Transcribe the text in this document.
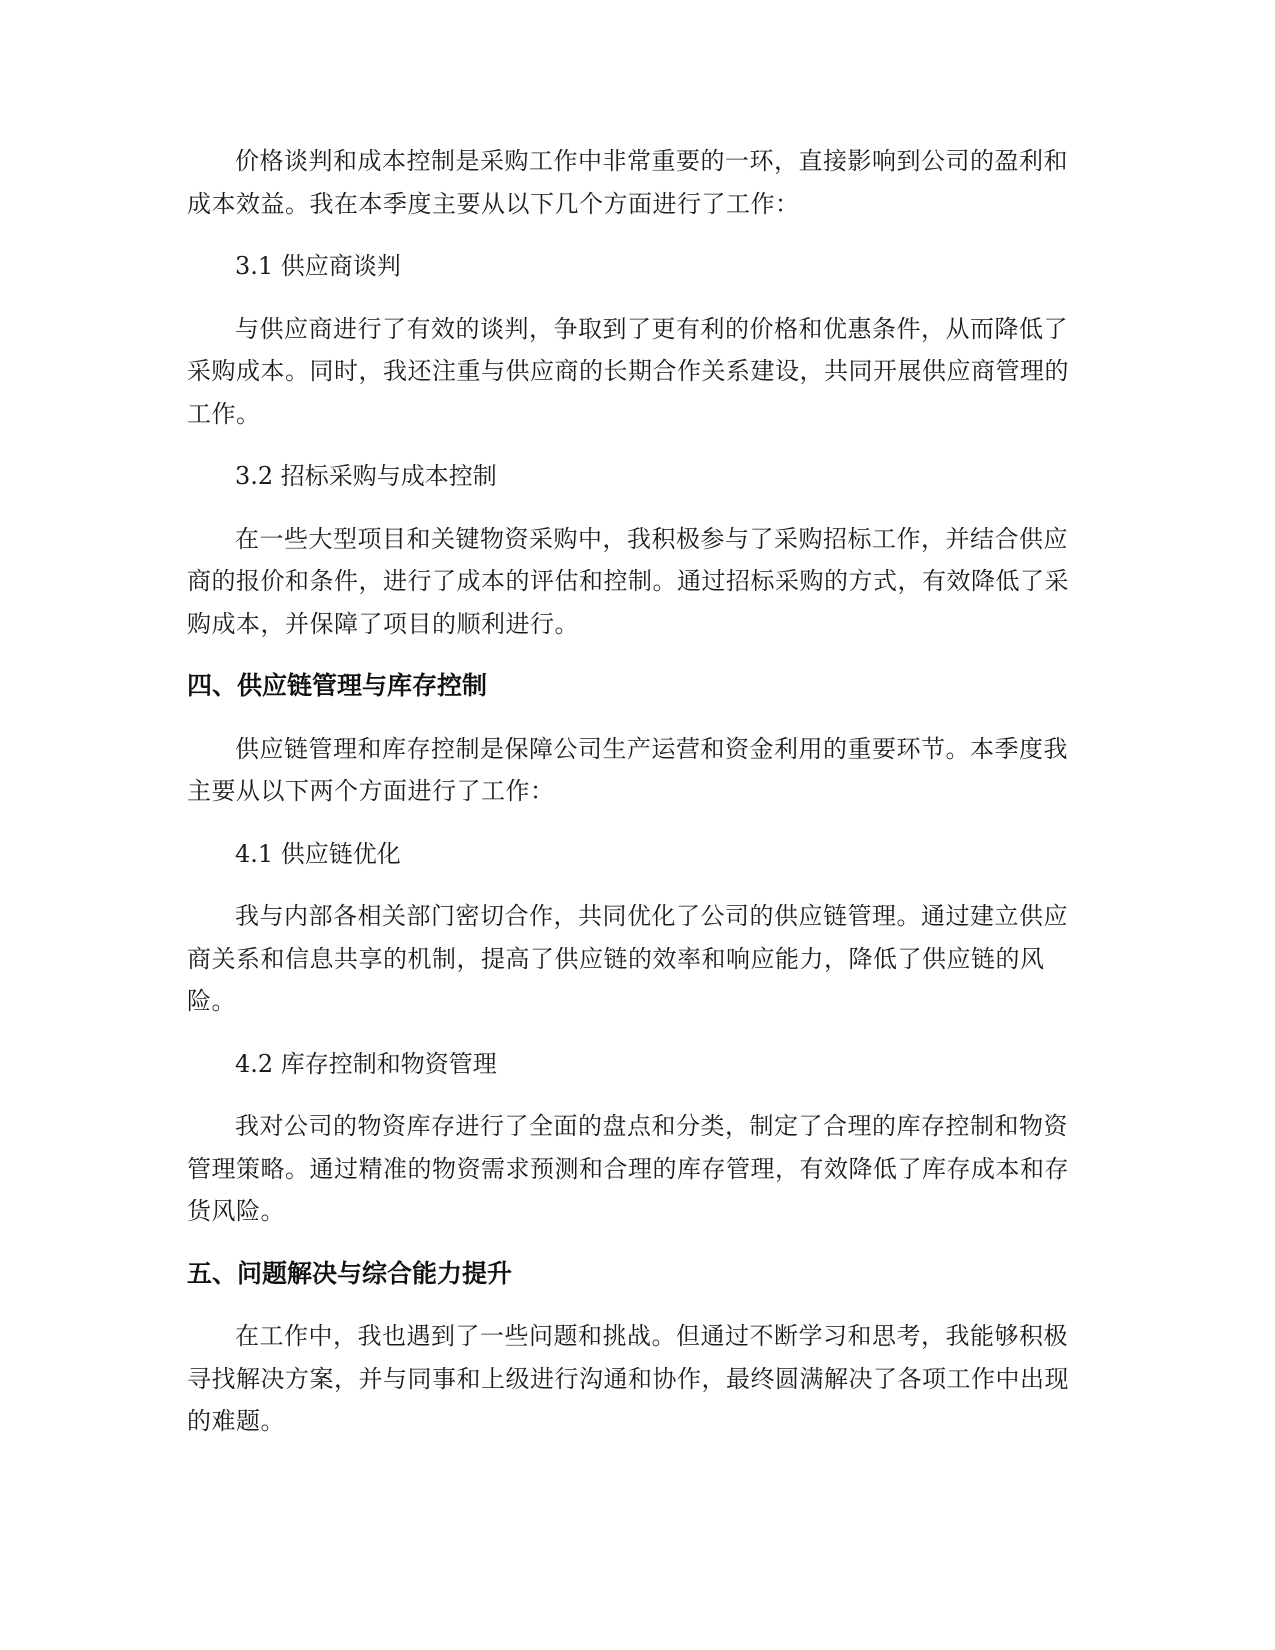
价格谈判和成本控制是采购工作中非常重要的一环，直接影响到公司的盈利和成本效益。我在本季度主要从以下几个方面进行了工作：

3.1 供应商谈判

与供应商进行了有效的谈判，争取到了更有利的价格和优惠条件，从而降低了采购成本。同时，我还注重与供应商的长期合作关系建设，共同开展供应商管理的工作。

3.2 招标采购与成本控制

在一些大型项目和关键物资采购中，我积极参与了采购招标工作，并结合供应商的报价和条件，进行了成本的评估和控制。通过招标采购的方式，有效降低了采购成本，并保障了项目的顺利进行。

四、供应链管理与库存控制

供应链管理和库存控制是保障公司生产运营和资金利用的重要环节。本季度我主要从以下两个方面进行了工作：

4.1 供应链优化

我与内部各相关部门密切合作，共同优化了公司的供应链管理。通过建立供应商关系和信息共享的机制，提高了供应链的效率和响应能力，降低了供应链的风险。

4.2 库存控制和物资管理

我对公司的物资库存进行了全面的盘点和分类，制定了合理的库存控制和物资管理策略。通过精准的物资需求预测和合理的库存管理，有效降低了库存成本和存货风险。

五、问题解决与综合能力提升

在工作中，我也遇到了一些问题和挑战。但通过不断学习和思考，我能够积极寻找解决方案，并与同事和上级进行沟通和协作，最终圆满解决了各项工作中出现的难题。
